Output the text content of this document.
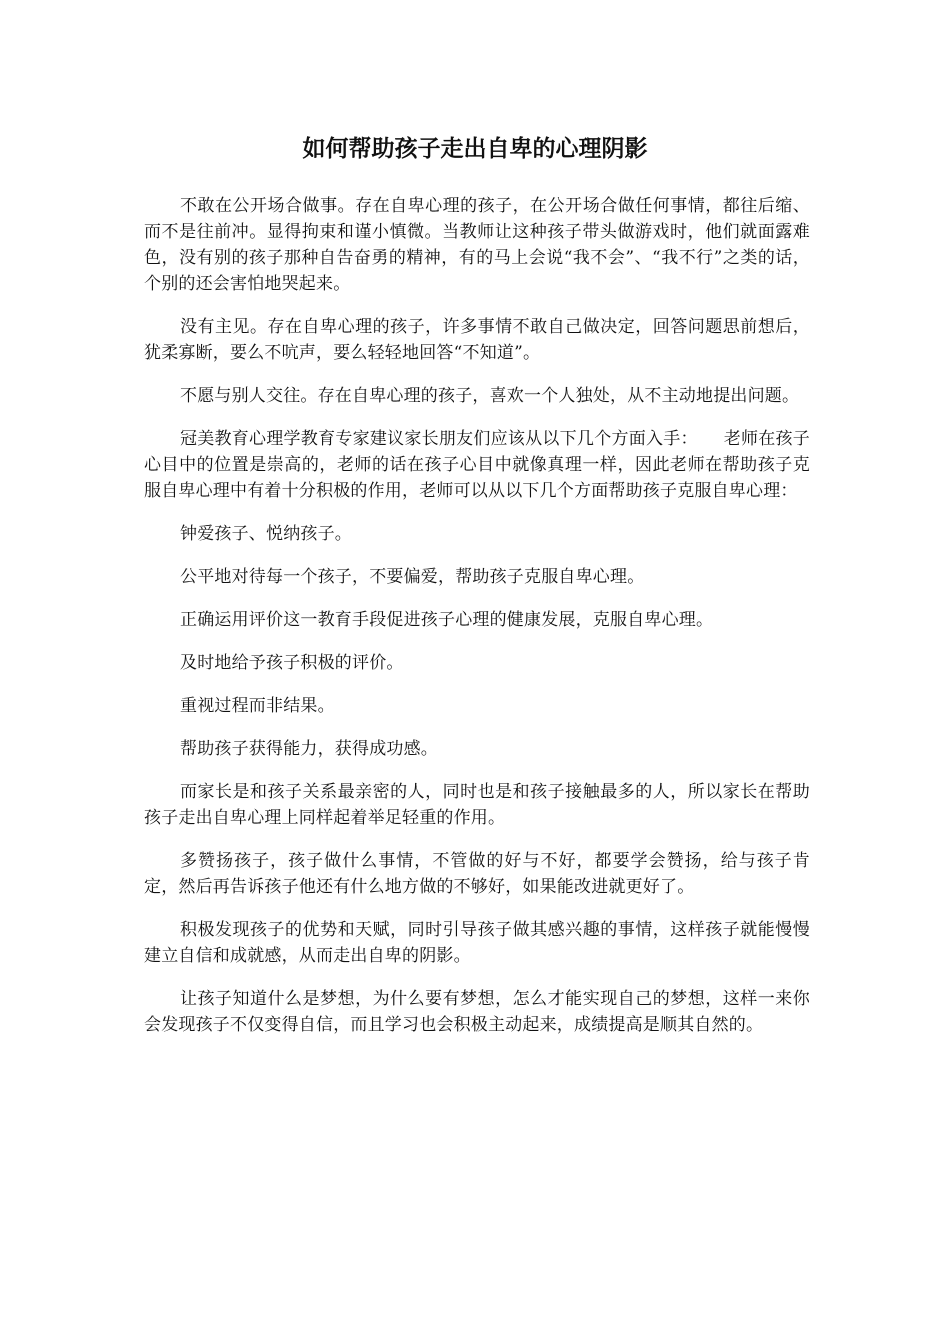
如何帮助孩子走出自卑的心理阴影

不敢在公开场合做事。存在自卑心理的孩子，在公开场合做任何事情，都往后缩、而不是往前冲。显得拘束和谨小慎微。当教师让这种孩子带头做游戏时，他们就面露难色，没有别的孩子那种自告奋勇的精神，有的马上会说“我不会”、“我不行”之类的话，个别的还会害怕地哭起来。

没有主见。存在自卑心理的孩子，许多事情不敢自己做决定，回答问题思前想后，犹柔寡断，要么不吭声，要么轻轻地回答“不知道”。

不愿与别人交往。存在自卑心理的孩子，喜欢一个人独处，从不主动地提出问题。

冠美教育心理学教育专家建议家长朋友们应该从以下几个方面入手：　　老师在孩子心目中的位置是崇高的，老师的话在孩子心目中就像真理一样，因此老师在帮助孩子克服自卑心理中有着十分积极的作用，老师可以从以下几个方面帮助孩子克服自卑心理：

钟爱孩子、悦纳孩子。

公平地对待每一个孩子，不要偏爱，帮助孩子克服自卑心理。

正确运用评价这一教育手段促进孩子心理的健康发展，克服自卑心理。

及时地给予孩子积极的评价。

重视过程而非结果。

帮助孩子获得能力，获得成功感。

而家长是和孩子关系最亲密的人，同时也是和孩子接触最多的人，所以家长在帮助孩子走出自卑心理上同样起着举足轻重的作用。

多赞扬孩子，孩子做什么事情，不管做的好与不好，都要学会赞扬，给与孩子肯定，然后再告诉孩子他还有什么地方做的不够好，如果能改进就更好了。

积极发现孩子的优势和天赋，同时引导孩子做其感兴趣的事情，这样孩子就能慢慢建立自信和成就感，从而走出自卑的阴影。

让孩子知道什么是梦想，为什么要有梦想，怎么才能实现自己的梦想，这样一来你会发现孩子不仅变得自信，而且学习也会积极主动起来，成绩提高是顺其自然的。
